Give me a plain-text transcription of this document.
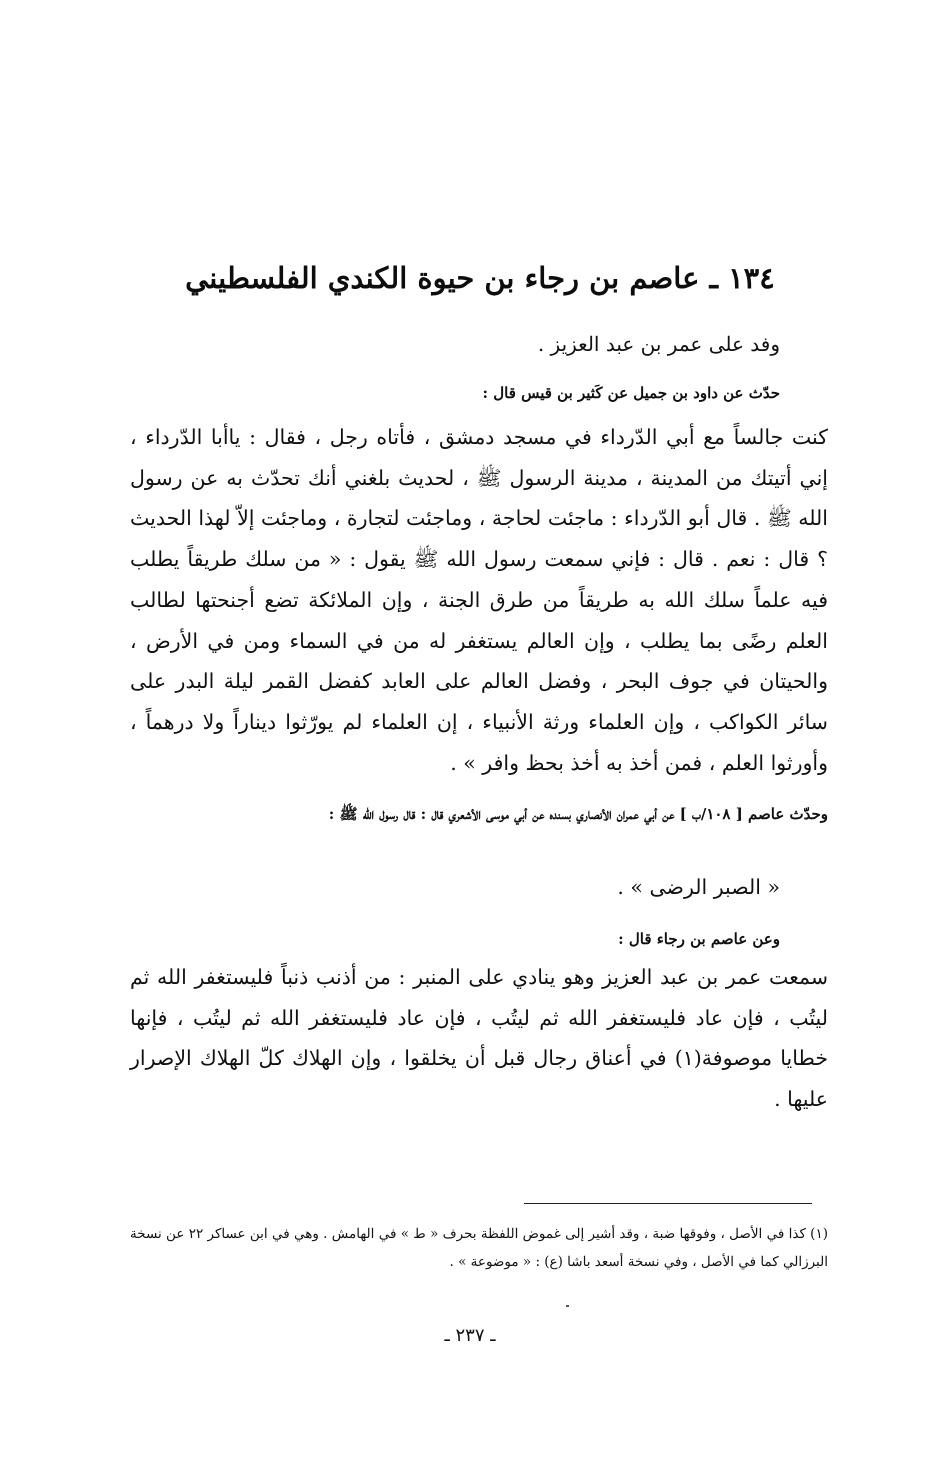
١٣٤ ـ عاصم بن رجاء بن حيوة الكندي الفلسطيني
وفد على عمر بن عبد العزيز .
حدّث عن داود بن جميل عن كَثير بن قيس قال :
كنت جالساً مع أبي الدّرداء في مسجد دمشق ، فأتاه رجل ، فقال : ياأبا الدّرداء ، إني أتيتك من المدينة ، مدينة الرسول ﷺ ، لحديث بلغني أنك تحدّث به عن رسول الله ﷺ . قال أبو الدّرداء : ماجئت لحاجة ، وماجئت لتجارة ، وماجئت إلاّ لهذا الحديث ؟ قال : نعم . قال : فإني سمعت رسول الله ﷺ يقول : « من سلك طريقاً يطلب فيه علماً سلك الله به طريقاً من طرق الجنة ، وإن الملائكة تضع أجنحتها لطالب العلم رضًى بما يطلب ، وإن العالم يستغفر له من في السماء ومن في الأرض ، والحيتان في جوف البحر ، وفضل العالم على العابد كفضل القمر ليلة البدر على سائر الكواكب ، وإن العلماء ورثة الأنبياء ، إن العلماء لم يورّثوا ديناراً ولا درهماً ، وأورثوا العلم ، فمن أخذ به أخذ بحظ وافر » .
وحدّث عاصم [ ١٠٨/ب ] عن أبي عمران الأنصاري بسنده عن أبي موسى الأشعري قال : قال رسول الله ﷺ :
« الصبر الرضى » .
وعن عاصم بن رجاء قال :
سمعت عمر بن عبد العزيز وهو ينادي على المنبر : من أذنب ذنباً فليستغفر الله ثم ليتُب ، فإن عاد فليستغفر الله ثم ليتُب ، فإن عاد فليستغفر الله ثم ليتُب ، فإنها خطايا موصوفة(١) في أعناق رجال قبل أن يخلقوا ، وإن الهلاك كلّ الهلاك الإصرار عليها .
(١) كذا في الأصل ، وفوقها ضبة ، وقد أشير إلى غموض اللفظة بحرف « ط » في الهامش . وهي في ابن عساكر ٢٢ عن نسخة البرزالي كما في الأصل ، وفي نسخة أسعد باشا (ع) : « موضوعة » .
ـ ٢٣٧ ـ
